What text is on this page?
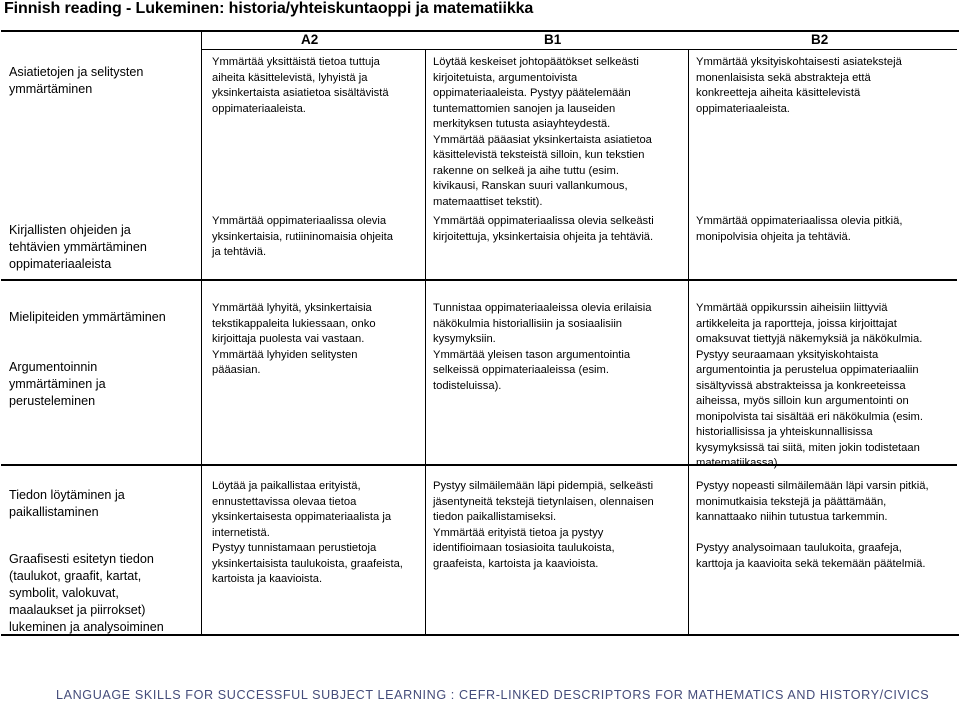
Finnish reading - Lukeminen: historia/yhteiskuntaoppi ja matematiikka
A2	B1	B2
Asiatietojen ja selitysten
ymmärtäminen
Ymmärtää yksittäistä tietoa tuttuja
aiheita käsittelevistä, lyhyistä ja
yksinkertaista asiatietoa sisältävistä
oppimateriaaleista.
Löytää keskeiset johtopäätökset selkeästi
kirjoitetuista, argumentoivista
oppimateriaaleista. Pystyy päätelemään
tuntemattomien sanojen ja lauseiden
merkityksen tutusta asiayhteydestä.
Ymmärtää pääasiat yksinkertaista asiatietoa
käsittelevistä teksteistä silloin, kun tekstien
rakenne on selkeä ja aihe tuttu (esim.
kivikausi, Ranskan suuri vallankumous,
matemaattiset tekstit).
Ymmärtää yksityiskohtaisesti asiatekstejä
monenlaisista sekä abstrakteja että
konkreetteja aiheita käsittelevistä
oppimateriaaleista.
Kirjallisten ohjeiden ja
tehtävien ymmärtäminen
oppimateriaaleista
Ymmärtää oppimateriaalissa olevia
yksinkertaisia, rutiininomaisia ohjeita
ja tehtäviä.
Ymmärtää oppimateriaalissa olevia selkeästi
kirjoitettuja, yksinkertaisia ohjeita ja tehtäviä.
Ymmärtää oppimateriaalissa olevia pitkiä,
monipolvisia ohjeita ja tehtäviä.
Mielipiteiden ymmärtäminen
Argumentoinnin
ymmärtäminen ja
perusteleminen
Ymmärtää lyhyitä, yksinkertaisia
tekstikappaleita lukiessaan, onko
kirjoittaja puolesta vai vastaan.
Ymmärtää lyhyiden selitysten
pääasian.
Tunnistaa oppimateriaaleissa olevia erilaisia
näkökulmia historiallisiin ja sosiaalisiin
kysymyksiin.
Ymmärtää yleisen tason argumentointia
selkeissä oppimateriaaleissa (esim.
todisteluissa).
Ymmärtää oppikurssin aiheisiin liittyviä
artikkeleita ja raportteja, joissa kirjoittajat
omaksuvat tiettyjä näkemyksiä ja näkökulmia.
Pystyy seuraamaan yksityiskohtaista
argumentointia ja perustelua oppimateriaaliin
sisältyvissä abstrakteissa ja konkreeteissa
aiheissa, myös silloin kun argumentointi on
monipolvista tai sisältää eri näkökulmia (esim.
historiallisissa ja yhteiskunnallisissa
kysymyksissä tai siitä, miten jokin todistetaan
matematiikassa).
Tiedon löytäminen ja
paikallistaminen
Graafisesti esitetyn tiedon
(taulukot, graafit, kartat,
symbolit, valokuvat,
maalaukset ja piirrokset)
lukeminen ja analysoiminen
Löytää ja paikallistaa erityistä,
ennustettavissa olevaa tietoa
yksinkertaisesta oppimateriaalista ja
internetistä.
Pystyy tunnistamaan perustietoja
yksinkertaisista taulukoista, graafeista,
kartoista ja kaavioista.
Pystyy silmäilemään läpi pidempiä, selkeästi
jäsentyneitä tekstejä tietynlaisen, olennaisen
tiedon paikallistamiseksi.
Ymmärtää erityistä tietoa ja pystyy
identifioimaan tosiasioita taulukoista,
graafeista, kartoista ja kaavioista.
Pystyy nopeasti silmäilemään läpi varsin pitkiä,
monimutkaisia tekstejä ja päättämään,
kannattaako niihin tutustua tarkemmin.

Pystyy analysoimaan taulukoita, graafeja,
karttoja ja kaavioita sekä tekemään päätelmiä.
LANGUAGE SKILLS FOR SUCCESSFUL SUBJECT LEARNING : CEFR-LINKED DESCRIPTORS FOR MATHEMATICS AND HISTORY/CIVICS
